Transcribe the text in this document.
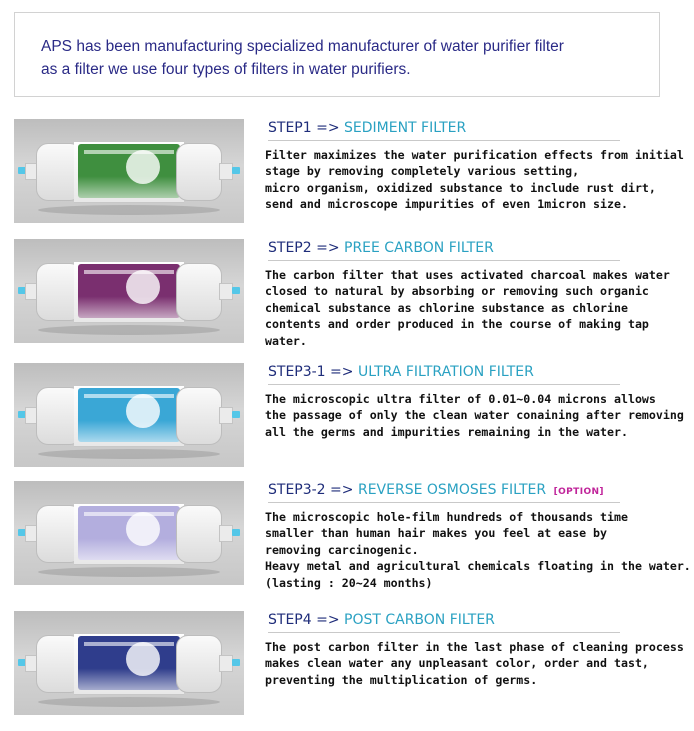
APS has been manufacturing specialized manufacturer of water purifier filter

as a filter we use four types of filters in water purifiers.

STEP1 => SEDIMENT FILTER

Filter maximizes the water purification effects from initial

stage by removing completely various setting,

micro organism, oxidized substance to include rust dirt,

send and microscope impurities of even 1micron size.

STEP2 => PREE CARBON FILTER

The carbon filter that uses activated charcoal makes water

closed to natural by absorbing or removing such organic

chemical substance as chlorine substance as chlorine

contents and order produced in the course of making tap

water.

STEP3-1 => ULTRA FILTRATION FILTER

The microscopic ultra filter of 0.01~0.04 microns allows

the passage of only the clean water conaining after removing

all the germs and impurities remaining in the water.

STEP3-2 => REVERSE OSMOSES FILTER [OPTION]

The microscopic hole-film hundreds of thousands time

smaller than human hair makes you feel at ease by

removing carcinogenic.

Heavy metal and agricultural chemicals floating in the water.

(lasting : 20~24 months)

STEP4 => POST CARBON FILTER

The post carbon filter in the last phase of cleaning process

makes clean water any unpleasant color, order and tast,

preventing the multiplication of germs.
